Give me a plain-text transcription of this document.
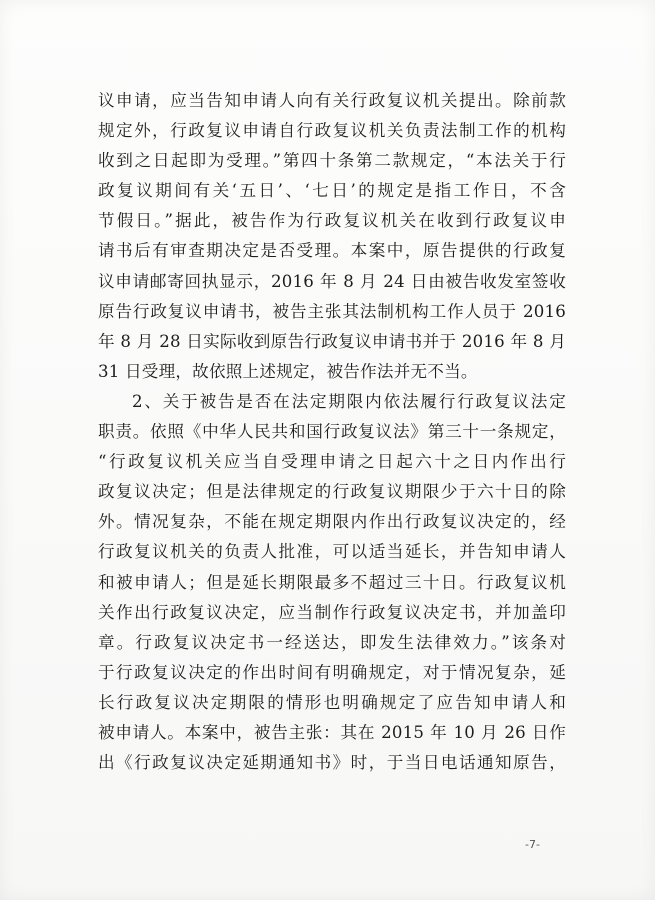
议申请，应当告知申请人向有关行政复议机关提出。除前款
规定外，行政复议申请自行政复议机关负责法制工作的机构
收到之日起即为受理。”第四十条第二款规定，“本法关于行
政复议期间有关‘五日’、‘七日’的规定是指工作日，不含
节假日。”据此，被告作为行政复议机关在收到行政复议申
请书后有审查期决定是否受理。本案中，原告提供的行政复
议申请邮寄回执显示，2016 年 8 月 24 日由被告收发室签收
原告行政复议申请书，被告主张其法制机构工作人员于 2016
年 8 月 28 日实际收到原告行政复议申请书并于 2016 年 8 月
31 日受理，故依照上述规定，被告作法并无不当。
2、关于被告是否在法定期限内依法履行行政复议法定
职责。依照《中华人民共和国行政复议法》第三十一条规定，
“行政复议机关应当自受理申请之日起六十之日内作出行
政复议决定；但是法律规定的行政复议期限少于六十日的除
外。情况复杂，不能在规定期限内作出行政复议决定的，经
行政复议机关的负责人批准，可以适当延长，并告知申请人
和被申请人；但是延长期限最多不超过三十日。行政复议机
关作出行政复议决定，应当制作行政复议决定书，并加盖印
章。行政复议决定书一经送达，即发生法律效力。”该条对
于行政复议决定的作出时间有明确规定，对于情况复杂，延
长行政复议决定期限的情形也明确规定了应告知申请人和
被申请人。本案中，被告主张：其在 2015 年 10 月 26 日作
出《行政复议决定延期通知书》时，于当日电话通知原告，
-7-
